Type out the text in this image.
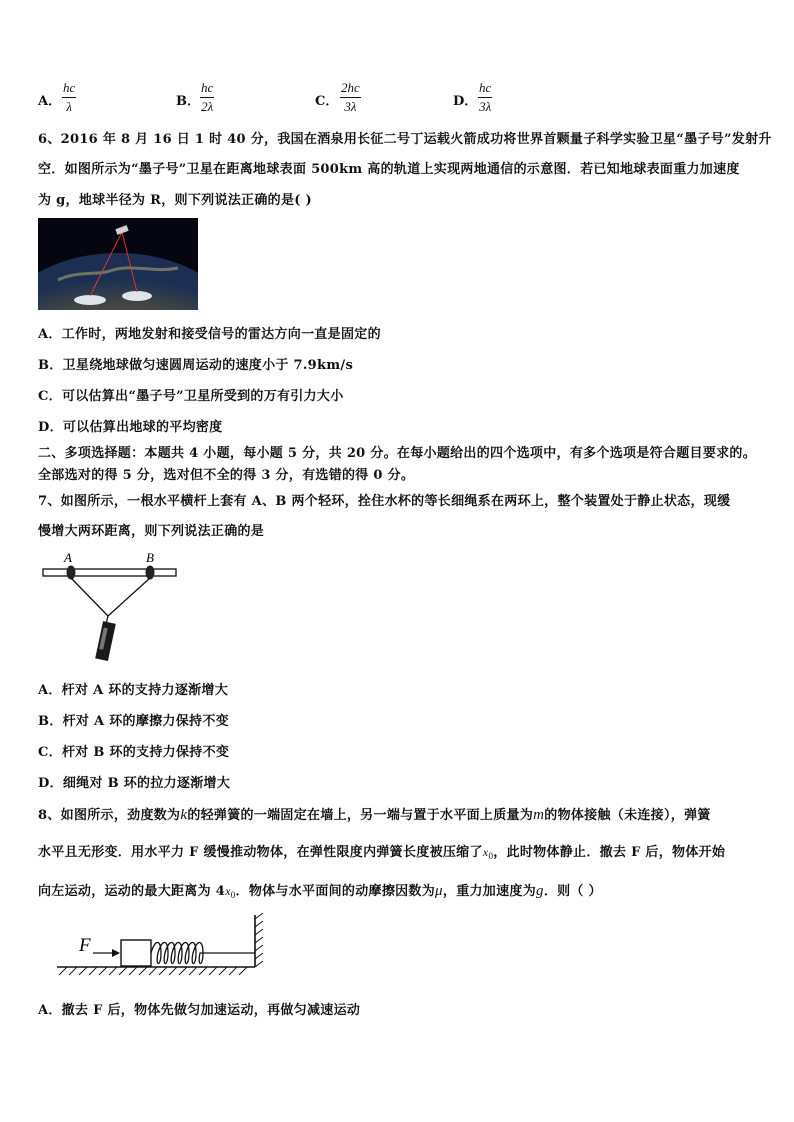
A． $\frac{hc}{\lambda}$	B． $\frac{hc}{2\lambda}$	C． $\frac{2hc}{3\lambda}$	D． $\frac{hc}{3\lambda}$
6、2016 年 8 月 16 日 1 时 40 分，我国在酒泉用长征二号丁运载火箭成功将世界首颗量子科学实验卫星“墨子号”发射升
空．如图所示为“墨子号”卫星在距离地球表面 500km 高的轨道上实现两地通信的示意图．若已知地球表面重力加速度
为 g，地球半径为 R，则下列说法正确的是( )
A．工作时，两地发射和接受信号的雷达方向一直是固定的
B．卫星绕地球做匀速圆周运动的速度小于 7.9km/s
C．可以估算出“墨子号”卫星所受到的万有引力大小
D．可以估算出地球的平均密度
二、多项选择题：本题共 4 小题，每小题 5 分，共 20 分。在每小题给出的四个选项中，有多个选项是符合题目要求的。
全部选对的得 5 分，选对但不全的得 3 分，有选错的得 0 分。
7、如图所示，一根水平横杆上套有 A、B 两个轻环，拴住水杯的等长细绳系在两环上，整个装置处于静止状态，现缓
慢增大两环距离，则下列说法正确的是
A	B
A．杆对 A 环的支持力逐渐增大
B．杆对 A 环的摩擦力保持不变
C．杆对 B 环的支持力保持不变
D．细绳对 B 环的拉力逐渐增大
8、如图所示，劲度数为k的轻弹簧的一端固定在墙上，另一端与置于水平面上质量为m的物体接触（未连接），弹簧
水平且无形变．用水平力 F 缓慢推动物体，在弹性限度内弹簧长度被压缩了$x_0$，此时物体静止．撤去 F 后，物体开始
向左运动，运动的最大距离为 $4x_0$．物体与水平面间的动摩擦因数为μ，重力加速度为g．则（ ）
F
A．撤去 F 后，物体先做匀加速运动，再做匀减速运动
